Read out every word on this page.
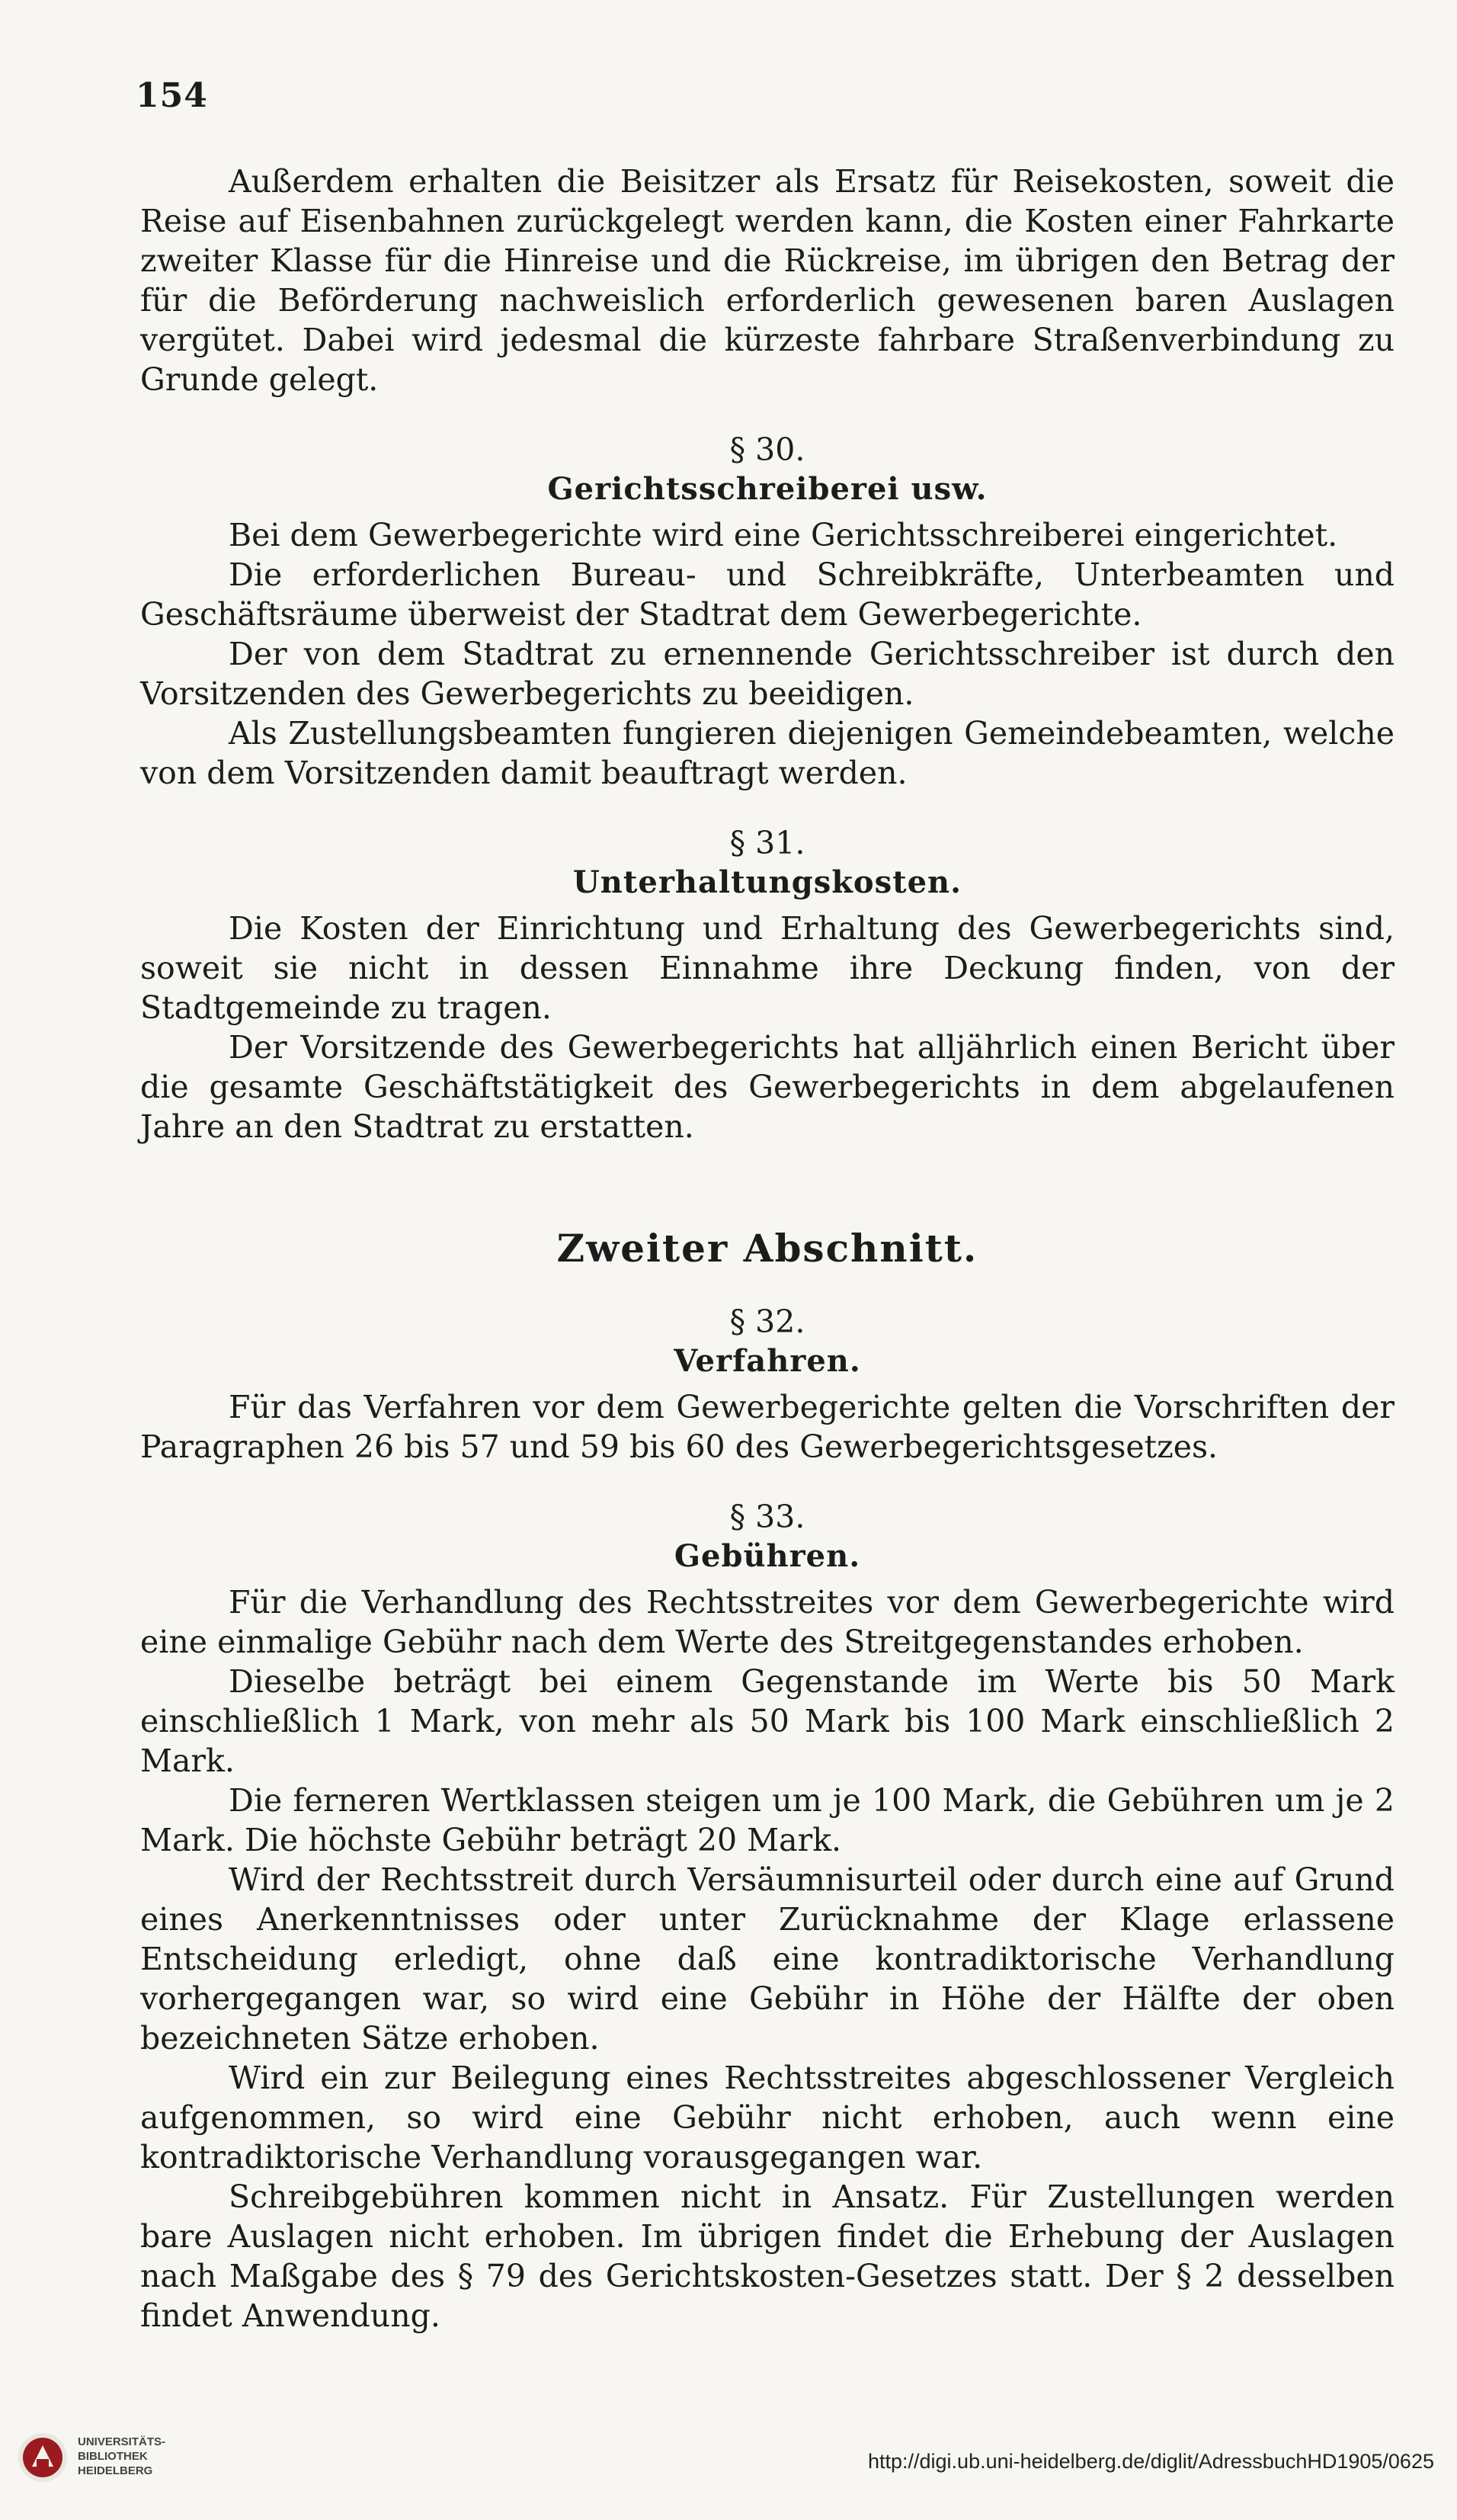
154

Außerdem erhalten die Beisitzer als Ersatz für Reisekosten, soweit die Reise auf Eisenbahnen zurückgelegt werden kann, die Kosten einer Fahrkarte zweiter Klasse für die Hinreise und die Rückreise, im übrigen den Betrag der für die Beförderung nachweislich erforderlich gewesenen baren Auslagen vergütet. Dabei wird jedesmal die kürzeste fahrbare Straßenverbindung zu Grunde gelegt.

§ 30.
Gerichtsschreiberei usw.

Bei dem Gewerbegerichte wird eine Gerichtsschreiberei eingerichtet.

Die erforderlichen Bureau- und Schreibkräfte, Unterbeamten und Geschäftsräume überweist der Stadtrat dem Gewerbegerichte.

Der von dem Stadtrat zu ernennende Gerichtsschreiber ist durch den Vorsitzenden des Gewerbegerichts zu beeidigen.

Als Zustellungsbeamten fungieren diejenigen Gemeindebeamten, welche von dem Vorsitzenden damit beauftragt werden.

§ 31.
Unterhaltungskosten.

Die Kosten der Einrichtung und Erhaltung des Gewerbegerichts sind, soweit sie nicht in dessen Einnahme ihre Deckung finden, von der Stadtgemeinde zu tragen.

Der Vorsitzende des Gewerbegerichts hat alljährlich einen Bericht über die gesamte Geschäftstätigkeit des Gewerbegerichts in dem abgelaufenen Jahre an den Stadtrat zu erstatten.

Zweiter Abschnitt.
§ 32.
Verfahren.

Für das Verfahren vor dem Gewerbegerichte gelten die Vorschriften der Paragraphen 26 bis 57 und 59 bis 60 des Gewerbegerichtsgesetzes.

§ 33.
Gebühren.

Für die Verhandlung des Rechtsstreites vor dem Gewerbegerichte wird eine einmalige Gebühr nach dem Werte des Streitgegenstandes erhoben.

Dieselbe beträgt bei einem Gegenstande im Werte bis 50 Mark einschließlich 1 Mark, von mehr als 50 Mark bis 100 Mark einschließlich 2 Mark.

Die ferneren Wertklassen steigen um je 100 Mark, die Gebühren um je 2 Mark. Die höchste Gebühr beträgt 20 Mark.

Wird der Rechtsstreit durch Versäumnisurteil oder durch eine auf Grund eines Anerkenntnisses oder unter Zurücknahme der Klage erlassene Entscheidung erledigt, ohne daß eine kontradiktorische Verhandlung vorhergegangen war, so wird eine Gebühr in Höhe der Hälfte der oben bezeichneten Sätze erhoben.

Wird ein zur Beilegung eines Rechtsstreites abgeschlossener Vergleich aufgenommen, so wird eine Gebühr nicht erhoben, auch wenn eine kontradiktorische Verhandlung vorausgegangen war.

Schreibgebühren kommen nicht in Ansatz. Für Zustellungen werden bare Auslagen nicht erhoben. Im übrigen findet die Erhebung der Auslagen nach Maßgabe des § 79 des Gerichtskosten-Gesetzes statt. Der § 2 desselben findet Anwendung.

UNIVERSITÄTS-
BIBLIOTHEK
HEIDELBERG	http://digi.ub.uni-heidelberg.de/diglit/AdressbuchHD1905/0625
